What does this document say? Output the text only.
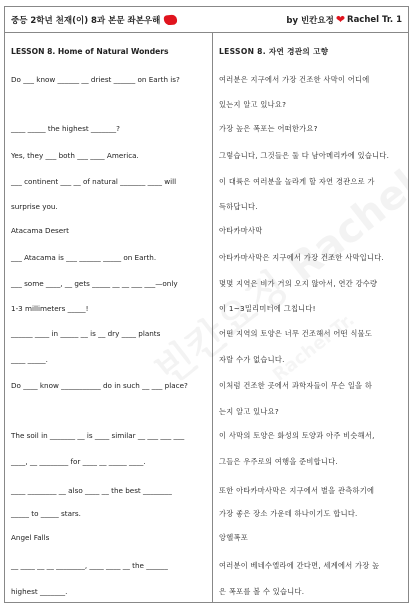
중등 2학년 천재(이) 8과 본문 좌본우해	by 빈칸요정 ❤ Rachel Tr. 1
LESSON 8. Home of Natural Wonders
Do ___ know ______ __ driest ______ on Earth is?
____ _____ the highest _______?
Yes, they ___ both ___ ____ America.
___ continent ___ __ of natural _______ ____ will
surprise you.
Atacama Desert
___ Atacama is ___ ______ _____ on Earth.
___ some ____, __ gets _____ __ __ ___ ___—only
1-3 millimeters _____!
______ ____ in _____ __ is __ dry ____ plants
____ _____.
Do ____ know ___________ do in such __ ___ place?
The soil in _______ __ is ____ similar __ ___ ___ ___
____, __ ________ for ____ __ _____ ____.
____ ________ __ also ____ __ the best ________
_____ to _____ stars.
Angel Falls
__ ____ __ __ ________, ____ ____ __ the ______
highest _______.
LESSON 8. 자연 경관의 고향
여러분은 지구에서 가장 건조한 사막이 어디에
있는지 알고 있나요?
가장 높은 폭포는 어떠한가요?
그렇습니다, 그것들은 둘 다 남아메리카에 있습니다.
이 대륙은 여러분을 놀라게 할 자연 경관으로 가
득하답니다.
아타카마사막
아타카마사막은 지구에서 가장 건조한 사막입니다.
몇몇 지역은 비가 거의 오지 않아서, 연간 강수량
이 1~3밀리미터에 그칩니다!
어떤 지역의 토양은 너무 건조해서 어떤 식물도
자랄 수가 없습니다.
이처럼 건조한 곳에서 과학자들이 무슨 일을 하
는지 알고 있나요?
이 사막의 토양은 화성의 토양과 아주 비슷해서,
그들은 우주로의 여행을 준비합니다.
또한 아타카마사막은 지구에서 별을 관측하기에
가장 좋은 장소 가운데 하나이기도 합니다.
앙헬폭포
여러분이 베네수엘라에 간다면, 세계에서 가장 높
은 폭포를 볼 수 있습니다.
